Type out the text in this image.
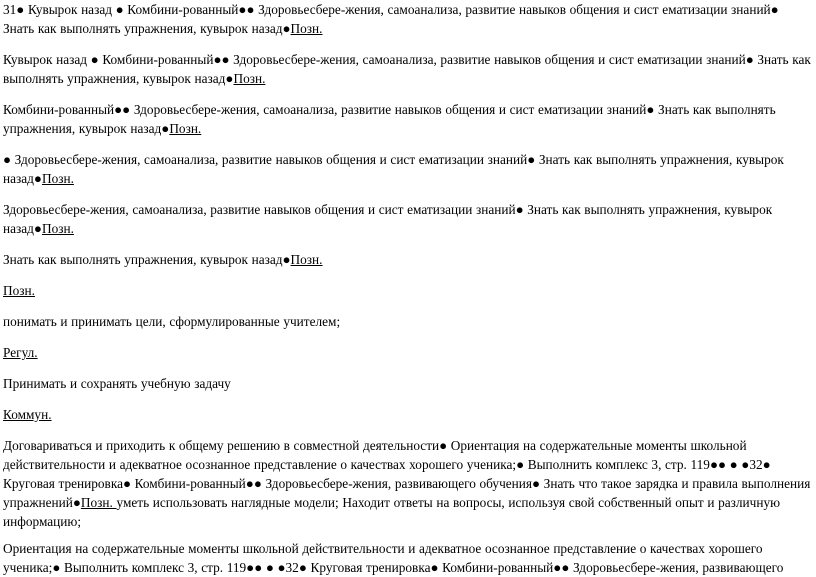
31● Кувырок назад ● Комбини-рованный●● Здоровьесбере-жения, самоанализа, развитие навыков общения и сист ематизации знаний● Знать как выполнять упражнения, кувырок назад●Позн.

Кувырок назад ● Комбини-рованный●● Здоровьесбере-жения, самоанализа, развитие навыков общения и сист ематизации знаний● Знать как выполнять упражнения, кувырок назад●Позн.

Комбини-рованный●● Здоровьесбере-жения, самоанализа, развитие навыков общения и сист ематизации знаний● Знать как выполнять упражнения, кувырок назад●Позн.

● Здоровьесбере-жения, самоанализа, развитие навыков общения и сист ематизации знаний● Знать как выполнять упражнения, кувырок назад●Позн.

Здоровьесбере-жения, самоанализа, развитие навыков общения и сист ематизации знаний● Знать как выполнять упражнения, кувырок назад●Позн.

Знать как выполнять упражнения, кувырок назад●Позн.

Позн.

понимать и принимать цели, сформулированные учителем;

Регул.

Принимать и сохранять учебную задачу

Коммун.

Договариваться и приходить к общему решению в совместной деятельности● Ориентация на содержательные моменты школьной действительности и адекватное осознанное представление о качествах хорошего ученика;● Выполнить комплекс 3, стр. 119●● ● ●32● Круговая тренировка● Комбини-рованный●● Здоровьесбере-жения, развивающего обучения● Знать что такое зарядка и правила выполнения упражнений●Позн. уметь использовать наглядные модели; Находит ответы на вопросы, используя свой собственный опыт и различную информацию;

Ориентация на содержательные моменты школьной действительности и адекватное осознанное представление о качествах хорошего ученика;● Выполнить комплекс 3, стр. 119●● ● ●32● Круговая тренировка● Комбини-рованный●● Здоровьесбере-жения, развивающего
